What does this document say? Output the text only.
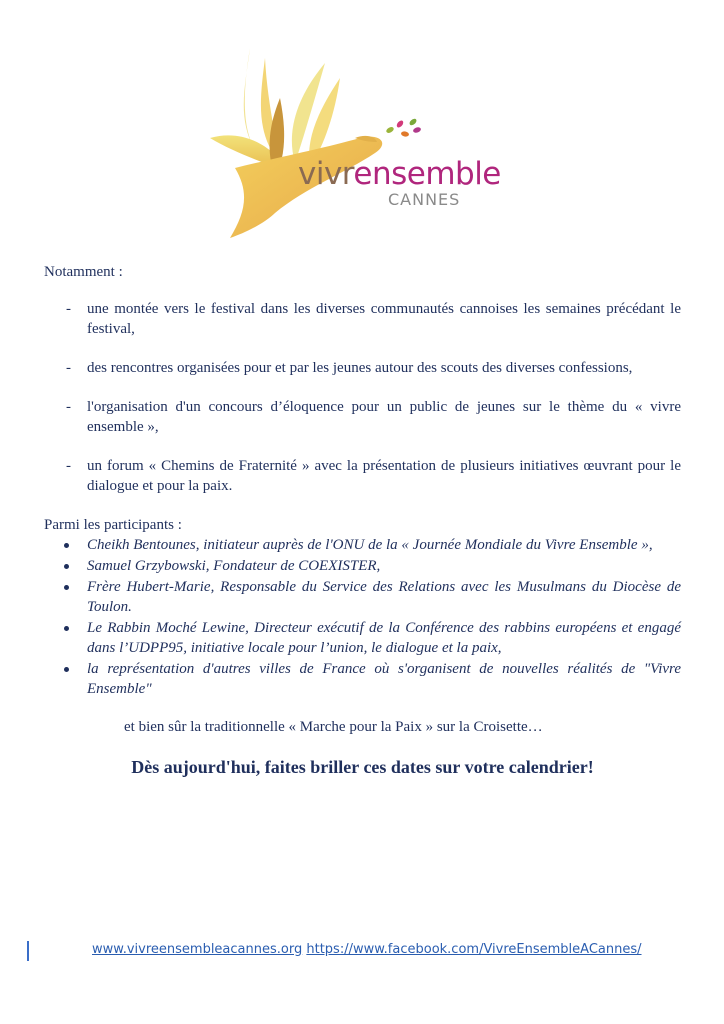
vivrensemble
CANNES

Notamment :

- une montée vers le festival dans les diverses communautés cannoises les semaines précédant le festival,
- des rencontres organisées pour et par les jeunes autour des scouts des diverses confessions,
- l'organisation d'un concours d’éloquence pour un public de jeunes sur le thème du « vivre ensemble »,
- un forum « Chemins de Fraternité » avec la présentation de plusieurs initiatives œuvrant pour le dialogue et pour la paix.

Parmi les participants :

Cheikh Bentounes, initiateur auprès de l'ONU de la « Journée Mondiale du Vivre Ensemble »,
Samuel Grzybowski, Fondateur de COEXISTER,
Frère Hubert-Marie, Responsable du Service des Relations avec les Musulmans du Diocèse de Toulon.
Le Rabbin Moché Lewine, Directeur exécutif de la Conférence des rabbins européens et engagé dans l’UDPP95, initiative locale pour l’union, le dialogue et la paix,
la représentation d'autres villes de France où s'organisent de nouvelles réalités de "Vivre Ensemble"

et bien sûr la traditionnelle « Marche pour la Paix » sur la Croisette…

Dès aujourd'hui, faites briller ces dates sur votre calendrier!

www.vivreensembleacannes.org https://www.facebook.com/VivreEnsembleACannes/
